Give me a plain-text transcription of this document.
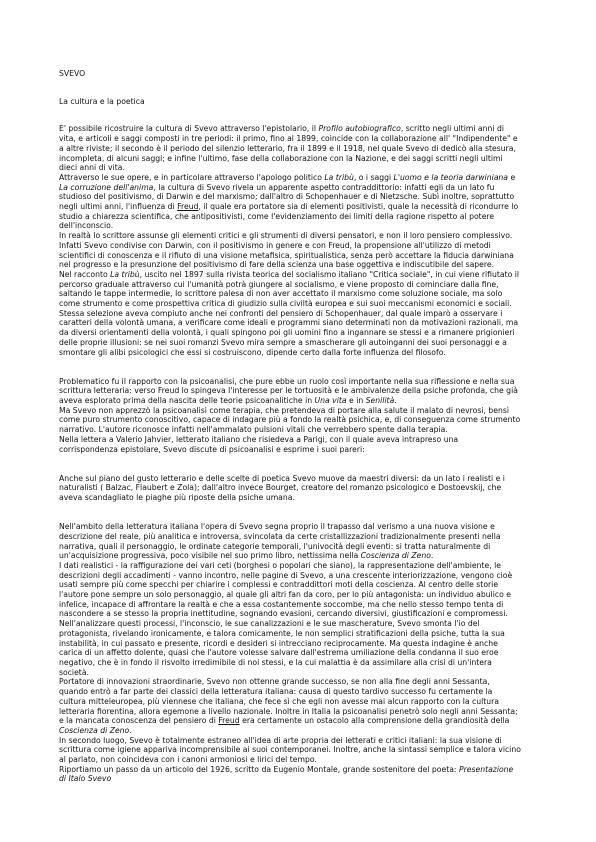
SVEVO

La cultura e la poetica

E' possibile ricostruire la cultura di Svevo attraverso l'epistolario, il Profilo autobiografico, scritto negli ultimi anni di

vita, e articoli e saggi composti in tre periodi: il primo, fino al 1899, coincide con la collaborazione all' "Indipendente" e

a altre riviste; il secondo è il periodo del silenzio letterario, fra il 1899 e il 1918, nel quale Svevo di dedicò alla stesura,

incompleta, di alcuni saggi; e infine l'ultimo, fase della collaborazione con la Nazione, e dei saggi scritti negli ultimi

dieci anni di vita.

Attraverso le sue opere, e in particolare attraverso l'apologo politico La tribù, o i saggi L'uomo e la teoria darwiniana e

La corruzione dell'anima, la cultura di Svevo rivela un apparente aspetto contraddittorio: infatti egli da un lato fu

studioso del positivismo, di Darwin e del marxismo; dall'altro di Schopenhauer e di Nietzsche. Subì inoltre, soprattutto

negli ultimi anni, l'influenza di Freud, il quale era portatore sia di elementi positivisti, quale la necessità di ricondurre lo

studio a chiarezza scientifica, che antipositivisti, come l'evidenziamento dei limiti della ragione rispetto al potere

dell'inconscio.

In realtà lo scrittore assunse gli elementi critici e gli strumenti di diversi pensatori, e non il loro pensiero complessivo.

Infatti Svevo condivise con Darwin, con il positivismo in genere e con Freud, la propensione all'utilizzo di metodi

scientifici di conoscenza e il rifiuto di una visione metafisica, spiritualistica, senza però accettare la fiducia darwiniana

nel progresso e la presunzione del positivismo di fare della scienza una base oggettiva e indiscutibile del sapere.

Nel racconto La tribù, uscito nel 1897 sulla rivista teorica del socialismo italiano "Critica sociale", in cui viene rifiutato il

percorso graduale attraverso cui l'umanità potrà giungere al socialismo, e viene proposto di cominciare dalla fine,

saltando le tappe intermedie, lo scrittore palesa di non aver accettato il marxismo come soluzione sociale, ma solo

come strumento e come prospettiva critica di giudizio sulla civiltà europea e sui suoi meccanismi economici e sociali.

Stessa selezione aveva compiuto anche nei confronti del pensiero di Schopenhauer, dal quale imparò a osservare i

caratteri della volontà umana, a verificare come ideali e programmi siano determinati non da motivazioni razionali, ma

da diversi orientamenti della volontà, i quali spingono poi gli uomini fino a ingannare se stessi e a rimanere prigionieri

delle proprie illusioni: se nei suoi romanzi Svevo mira sempre a smascherare gli autoinganni dei suoi personaggi e a

smontare gli alibi psicologici che essi si costruiscono, dipende certo dalla forte influenza del filosofo.

Problematico fu il rapporto con la psicoanalisi, che pure ebbe un ruolo così importante nella sua riflessione e nella sua

scrittura letteraria: verso Freud lo spingeva l'interesse per le tortuosità e le ambivalenze della psiche profonda, che già

aveva esplorato prima della nascita delle teorie psicoanalitiche in Una vita e in Senilità.

Ma Svevo non apprezzò la psicoanalisi come terapia, che pretendeva di portare alla salute il malato di nevrosi, bensì

come puro strumento conoscitivo, capace di indagare più a fondo la realtà psichica, e, di conseguenza come strumento

narrativo. L'autore riconosce infatti nell'ammalato pulsioni vitali che verrebbero spente dalla terapia.

Nella lettera a Valerio Jahvier, letterato italiano che risiedeva a Parigi, con il quale aveva intrapreso una

corrispondenza epistolare, Svevo discute di psicoanalisi e esprime i suoi pareri:

Anche sul piano del gusto letterario e delle scelte di poetica Svevo muove da maestri diversi: da un lato i realisti e i

naturalisti ( Balzac, Flaubert e Zola); dall'altro invece Bourget, creatore del romanzo psicologico e Dostoevskij, che

aveva scandagliato le piaghe più riposte della psiche umana.

Nell'ambito della letteratura italiana l'opera di Svevo segna proprio il trapasso dal verismo a una nuova visione e

descrizione del reale, più analitica e introversa, svincolata da certe cristallizzazioni tradizionalmente presenti nella

narrativa, quali il personaggio, le ordinate categorie temporali, l'univocità degli eventi: si tratta naturalmente di

un'acquisizione progressiva, poco visibile nel suo primo libro, nettissima nella Coscienza di Zeno.

I dati realistici - la raffigurazione dei vari ceti (borghesi o popolari che siano), la rappresentazione dell'ambiente, le

descrizioni degli accadimenti - vanno incontro, nelle pagine di Svevo, a una crescente interiorizzazione, vengono cioè

usati sempre più come specchi per chiarire i complessi e contraddittori moti della coscienza. Al centro delle storie

l'autore pone sempre un solo personaggio, al quale gli altri fan da coro, per lo più antagonista: un individuo abulico e

infelice, incapace di affrontare la realtà e che a essa costantemente soccombe, ma che nello stesso tempo tenta di

nascondere a se stesso la propria inettitudine, sognando evasioni, cercando diversivi, giustificazioni e compromessi.

Nell'analizzare questi processi, l'inconscio, le sue canalizzazioni e le sue mascherature, Svevo smonta l'io del

protagonista, rivelando ironicamente, e talora comicamente, le non semplici stratificazioni della psiche, tutta la sua

instabilità, in cui passato e presente, ricordi e desideri si intrecciano reciprocamente. Ma questa indagine è anche

carica di un affetto dolente, quasi che l'autore volesse salvare dall'estrema umiliazione della condanna il suo eroe

negativo, che è in fondo il risvolto irredimibile di noi stessi, e la cui malattia è da assimilare alla crisi di un'intera

società.

Portatore di innovazioni straordinarie, Svevo non ottenne grande successo, se non alla fine degli anni Sessanta,

quando entrò a far parte dei classici della letteratura italiana: causa di questo tardivo successo fu certamente la

cultura mitteleuropea, più viennese che italiana, che fece sì che egli non avesse mai alcun rapporto con la cultura

letteraria fiorentina, allora egemone a livello nazionale. Inoltre in Italia la psicoanalisi penetrò solo negli anni Sessanta;

e la mancata conoscenza del pensiero di Freud era certamente un ostacolo alla comprensione della grandiosità della

Coscienza di Zeno.

In secondo luogo, Svevo è totalmente estraneo all'idea di arte propria dei letterati e critici italiani: la sua visione di

scrittura come igiene appariva incomprensibile ai suoi contemporanei. Inoltre, anche la sintassi semplice e talora vicino

al parlato, non coincideva con i canoni armoniosi e lirici del tempo.

Riportiamo un passo da un articolo del 1926, scritto da Eugenio Montale, grande sostenitore del poeta: Presentazione

di Italo Svevo
